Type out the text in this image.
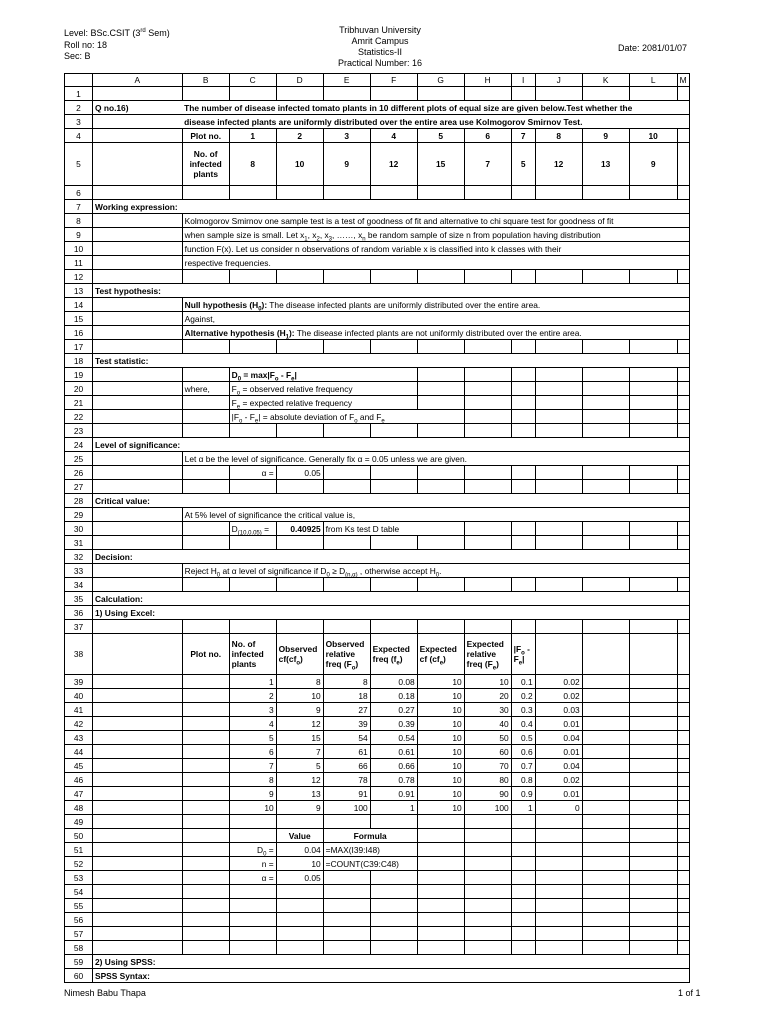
Level: BSc.CSIT (3rd Sem)
Roll no: 18
Sec: B
Tribhuvan University
Amrit Campus
Statistics-II
Practical Number: 16
Date: 2081/01/07
	A	B	C	D	E	F	G	H	I	J	K	L	M
1													
2	Q no.16)	The number of disease infected tomato plants in 10 different plots of equal size are given below.Test whether the											
3		disease infected plants are uniformly distributed over the entire area use Kolmogorov Smirnov Test.											
4		Plot no.	1	2	3	4	5	6	7	8	9	10	
5		No. of infected plants	8	10	9	12	15	7	5	12	13	9	
6													
7	Working expression:												
8		Kolmogorov Smirnov one sample test is a test of goodness of fit and alternative to chi square test for goodness of fit											
9		when sample size is small. Let $x_1$, $x_2$, $x_3$, ……, $x_n$ be random sample of size n from population having distribution											
10		function F(x). Let us consider n observations of random variable x is classified into k classes with their											
11		respective frequencies.											
12													
13	Test hypothesis:												
14		Null hypothesis $(H_0)$: The disease infected plants are uniformly distributed over the entire area.											
15		Against,											
16		Alternative hypothesis $(H_1)$: The disease infected plants are not uniformly distributed over the entire area.											
17													
18	Test statistic:												
19			$D_0 = \max|F_o - F_e|$										
20		where,	$F_o$ = observed relative frequency										
21			$F_e$ = expected relative frequency										
22			$|F_o - F_e|$ = absolute deviation of $F_o$ and $F_e$						
23													
24	Level of significance:												
25		Let α be the level of significance. Generally fix α = 0.05 unless we are given.											
26			α =	0.05									
27													
28	Critical value:												
29		At 5% level of significance the critical value is,											
30			$D_{(10,0.05)}$ =	0.40925	from Ks test D table								
31													
32	Decision:												
33		Reject $H_0$ at α level of significance if $D_0 \ge D_{(n,\alpha)}$ , otherwise accept $H_0$.											
34													
35	Calculation:												
36	1) Using Excel:												
37													
38		Plot no.	No. of infected plants	Observed $cf(cf_o)$	Observed relative freq $(F_o)$	Expected freq $(f_e)$	Expected cf $(cf_e)$	Expected relative freq $(F_e)$	$|F_o - F_e|$				
39			1	8	8	0.08	10	10	0.1	0.02			
40			2	10	18	0.18	10	20	0.2	0.02			
41			3	9	27	0.27	10	30	0.3	0.03			
42			4	12	39	0.39	10	40	0.4	0.01			
43			5	15	54	0.54	10	50	0.5	0.04			
44			6	7	61	0.61	10	60	0.6	0.01			
45			7	5	66	0.66	10	70	0.7	0.04			
46			8	12	78	0.78	10	80	0.8	0.02			
47			9	13	91	0.91	10	90	0.9	0.01			
48			10	9	100	1	10	100	1	0			
49													
50				Value	Formula								
51			$D_0$ =	0.04	=MAX(I39:I48)								
52			n =	10	=COUNT(C39:C48)								
53			α =	0.05									
54													
55													
56													
57													
58													
59	2) Using SPSS:												
60	SPSS Syntax:												
Nimesh Babu Thapa	1 of 1
